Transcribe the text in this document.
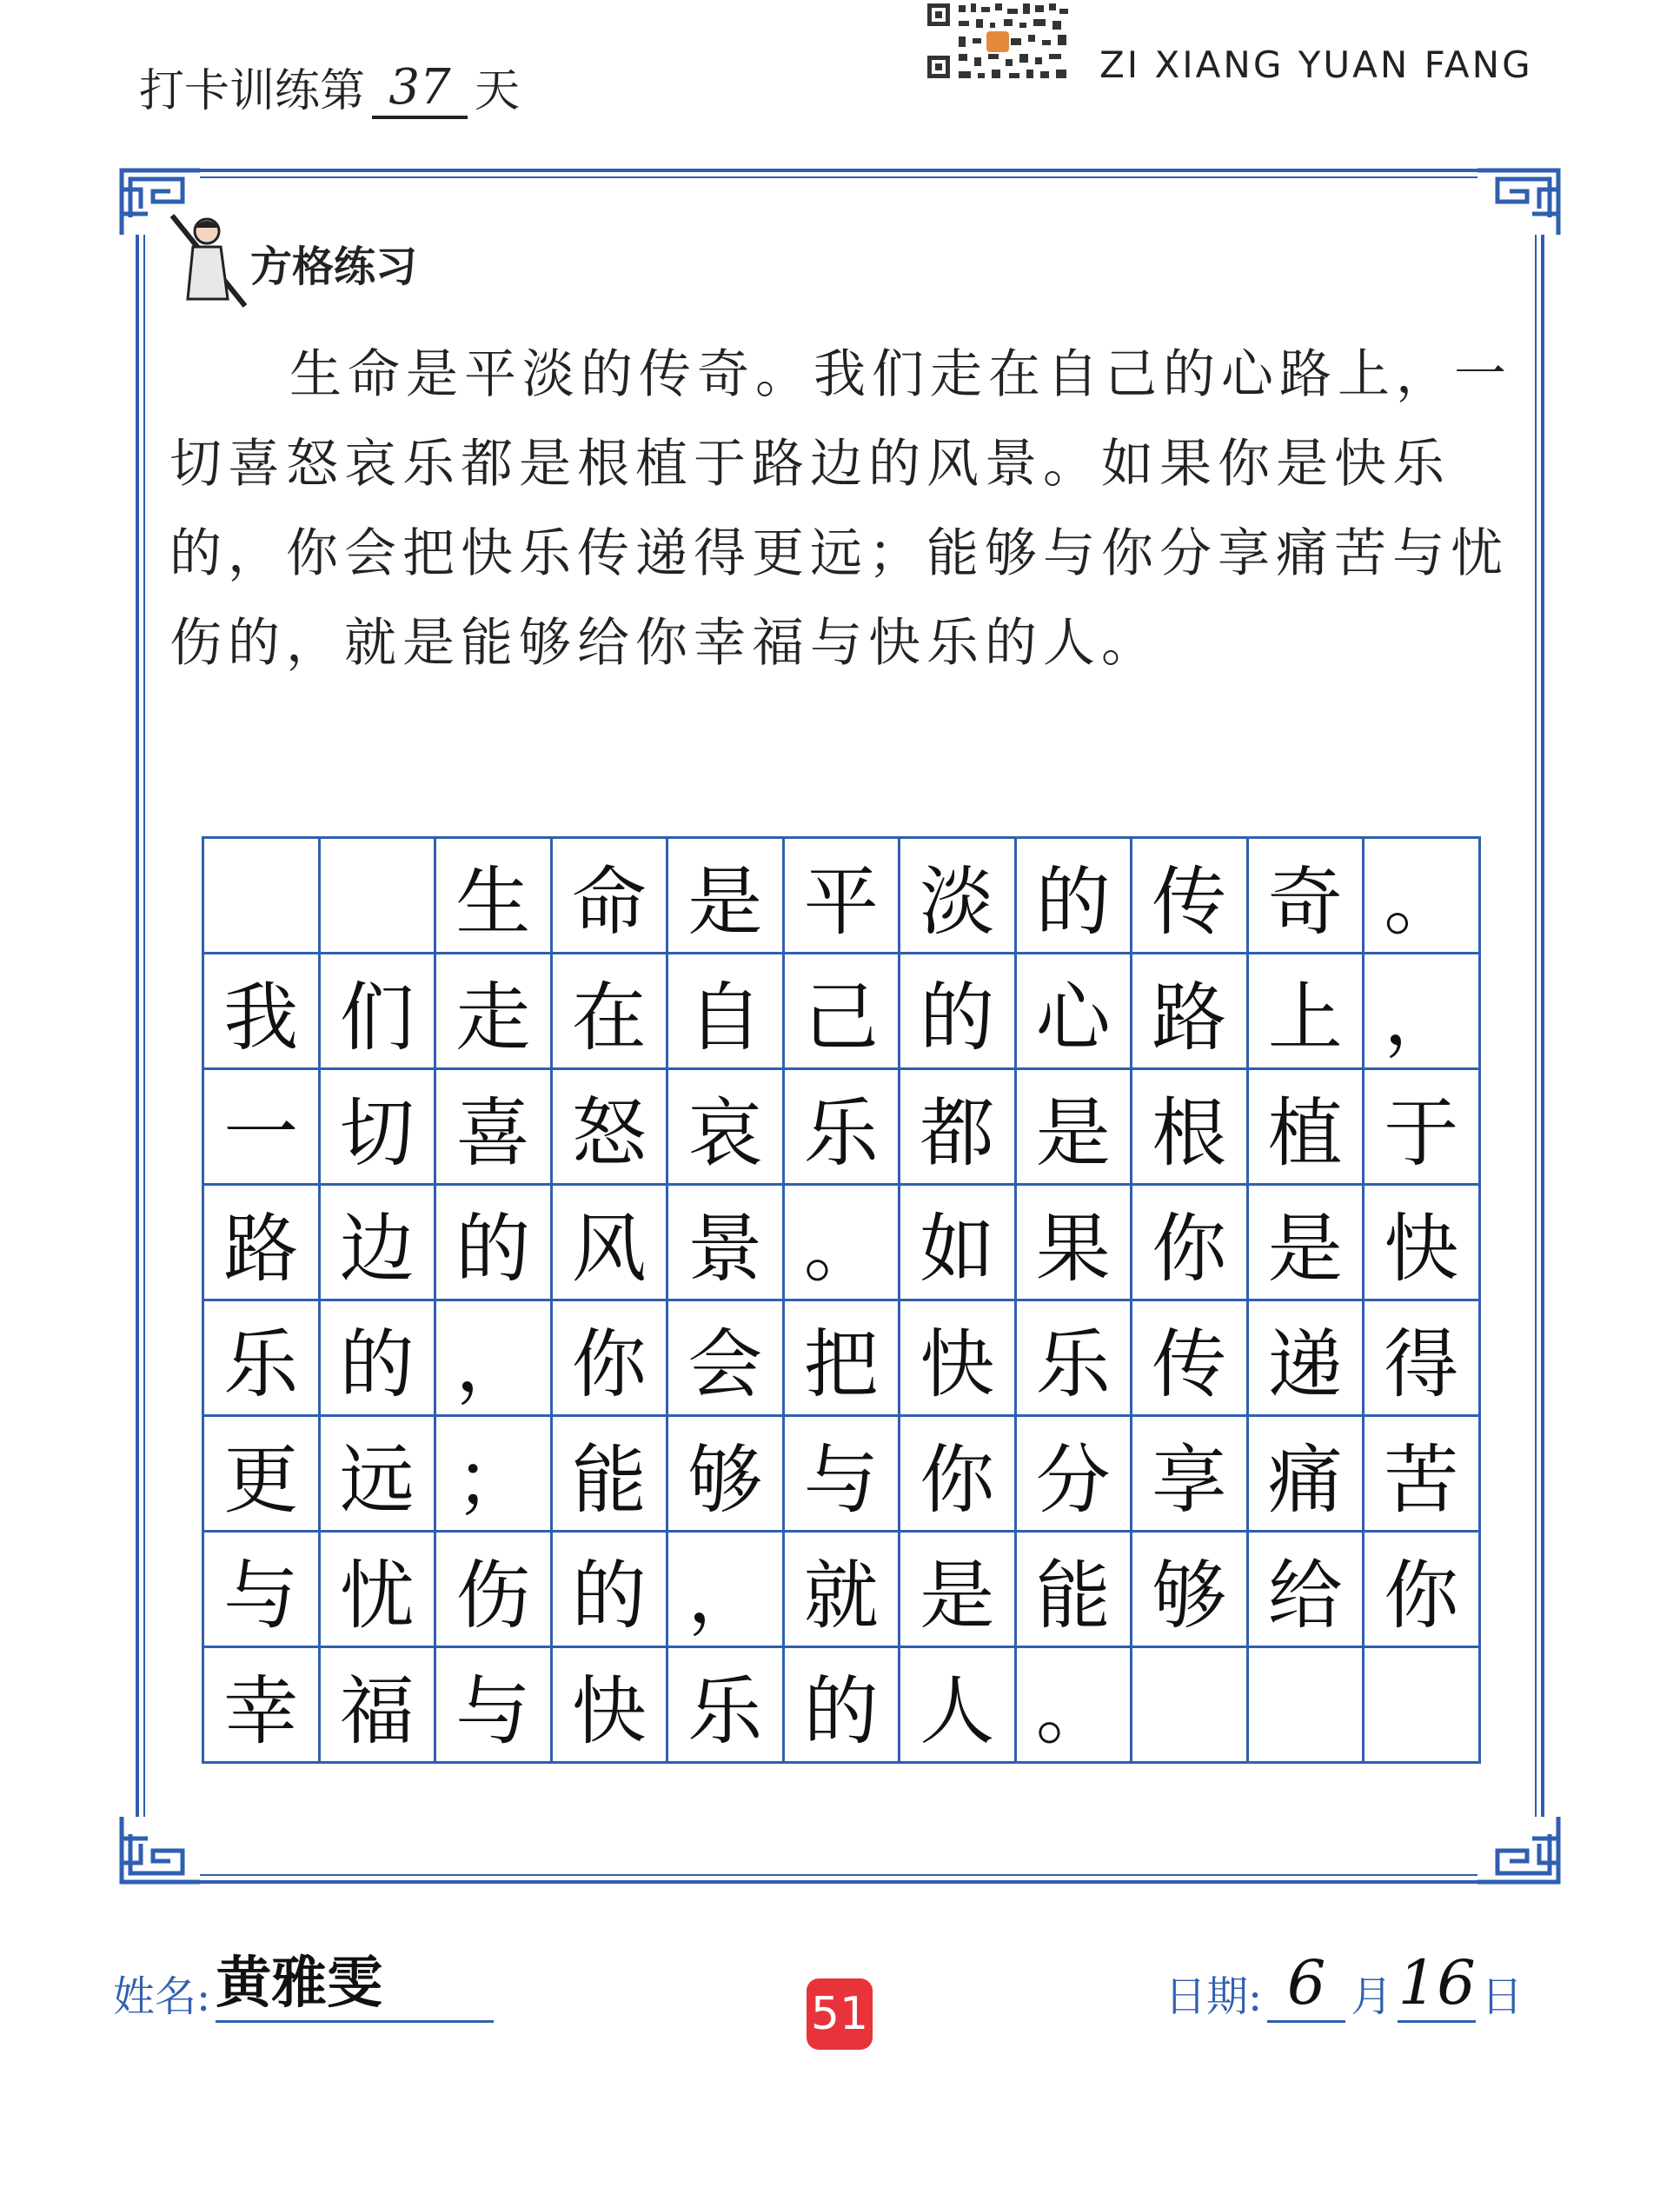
打卡训练第 37 天
ZI XIANG YUAN FANG
方格练习

生命是平淡的传奇。我们走在自己的心路上，一切喜怒哀乐都是根植于路边的风景。如果你是快乐的，你会把快乐传递得更远；能够与你分享痛苦与忧伤的，就是能够给你幸福与快乐的人。

生 命 是 平 淡 的 传 奇 。
我 们 走 在 自 己 的 心 路 上 ，
一 切 喜 怒 哀 乐 都 是 根 植 于
路 边 的 风 景 。 如 果 你 是 快
乐 的 ， 你 会 把 快 乐 传 递 得
更 远 ； 能 够 与 你 分 享 痛 苦
与 忧 伤 的 ， 就 是 能 够 给 你
幸 福 与 快 乐 的 人 。
姓名: 黄雅雯	51	日期: 6 月 16 日
